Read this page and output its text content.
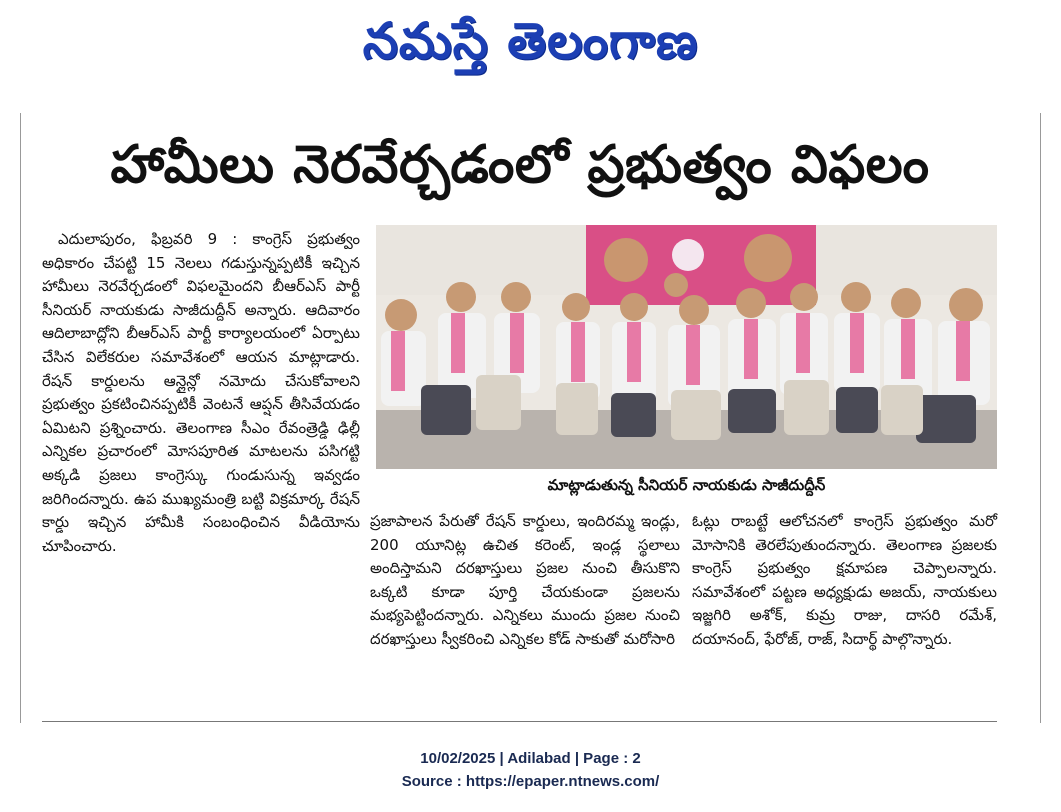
నమస్తే తెలంగాణ
హామీలు నెరవేర్చడంలో ప్రభుత్వం విఫలం

ఎదులాపురం, ఫిబ్రవరి 9 : కాంగ్రెస్ ప్రభుత్వం అధికారం చేపట్టి 15 నెలలు గడుస్తున్నప్పటికీ ఇచ్చిన హామీలు నెరవేర్చడంలో విఫలమైందని బీఆర్ఎస్ పార్టీ సీనియర్ నాయకుడు సాజీదుద్దీన్ అన్నారు. ఆదివారం ఆదిలాబాద్లోని బీఆర్ఎస్ పార్టీ కార్యాలయంలో ఏర్పాటు చేసిన విలేకరుల సమావేశంలో ఆయన మాట్లాడారు. రేషన్ కార్డులను ఆన్లైన్లో నమోదు చేసుకోవాలని ప్రభుత్వం ప్రకటించినప్పటికీ వెంటనే ఆప్షన్ తీసివేయడం ఏమిటని ప్రశ్నించారు. తెలంగాణ సీఎం రేవంత్రెడ్డి ఢిల్లీ ఎన్నికల ప్రచారంలో మోసపూరిత మాటలను పసిగట్టి అక్కడి ప్రజలు కాంగ్రెస్కు గుండుసున్న ఇవ్వడం జరిగిందన్నారు. ఉప ముఖ్యమంత్రి బట్టి విక్రమార్క రేషన్ కార్డు ఇచ్చిన హామీకి సంబంధించిన వీడియోను చూపించారు.

మాట్లాడుతున్న సీనియర్ నాయకుడు సాజీదుద్దీన్

ప్రజాపాలన పేరుతో రేషన్ కార్డులు, ఇందిరమ్మ ఇండ్లు, 200 యూనిట్ల ఉచిత కరెంట్, ఇండ్ల స్థలాలు అందిస్తామని దరఖాస్తులు ప్రజల నుంచి తీసుకొని ఒక్కటి కూడా పూర్తి చేయకుండా ప్రజలను మభ్యపెట్టిందన్నారు. ఎన్నికలు ముందు ప్రజల నుంచి దరఖాస్తులు స్వీకరించి ఎన్నికల కోడ్ సాకుతో మరోసారి

ఓట్లు రాబట్టే ఆలోచనలో కాంగ్రెస్ ప్రభుత్వం మరో మోసానికి తెరలేపుతుందన్నారు. తెలంగాణ ప్రజలకు కాంగ్రెస్ ప్రభుత్వం క్షమాపణ చెప్పాలన్నారు. సమావేశంలో పట్టణ అధ్యక్షుడు అజయ్, నాయకులు ఇజ్జగిరి అశోక్, కుమ్ర రాజు, దాసరి రమేశ్, దయానంద్, ఫేరోజ్, రాజ్, సిదార్థ్ పాల్గొన్నారు.

10/02/2025 | Adilabad | Page : 2
Source : https://epaper.ntnews.com/
